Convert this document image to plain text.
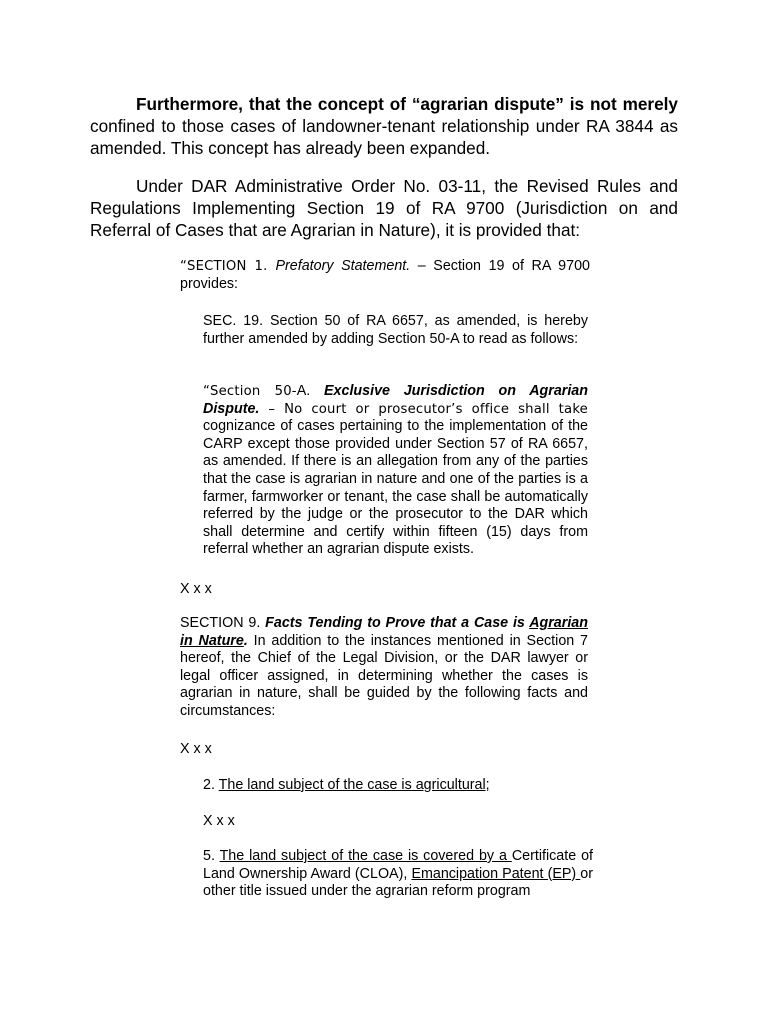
Furthermore, that the concept of “agrarian dispute” is not merely confined to those cases of landowner-tenant relationship under RA 3844 as amended. This concept has already been expanded.
Under DAR Administrative Order No. 03-11, the Revised Rules and Regulations Implementing Section 19 of RA 9700 (Jurisdiction on and Referral of Cases that are Agrarian in Nature), it is provided that:
“SECTION 1. Prefatory Statement. – Section 19 of RA 9700 provides:
SEC. 19. Section 50 of RA 6657, as amended, is hereby further amended by adding Section 50-A to read as follows:
“Section 50-A. Exclusive Jurisdiction on Agrarian Dispute. – No court or prosecutor’s office shall take cognizance of cases pertaining to the implementation of the CARP except those provided under Section 57 of RA 6657, as amended. If there is an allegation from any of the parties that the case is agrarian in nature and one of the parties is a farmer, farmworker or tenant, the case shall be automatically referred by the judge or the prosecutor to the DAR which shall determine and certify within fifteen (15) days from referral whether an agrarian dispute exists.
X x x
SECTION 9. Facts Tending to Prove that a Case is Agrarian in Nature. In addition to the instances mentioned in Section 7 hereof, the Chief of the Legal Division, or the DAR lawyer or legal officer assigned, in determining whether the cases is agrarian in nature, shall be guided by the following facts and circumstances:
X x x
2. The land subject of the case is agricultural;
X x x
5. The land subject of the case is covered by a Certificate of Land Ownership Award (CLOA), Emancipation Patent (EP) or other title issued under the agrarian reform program
